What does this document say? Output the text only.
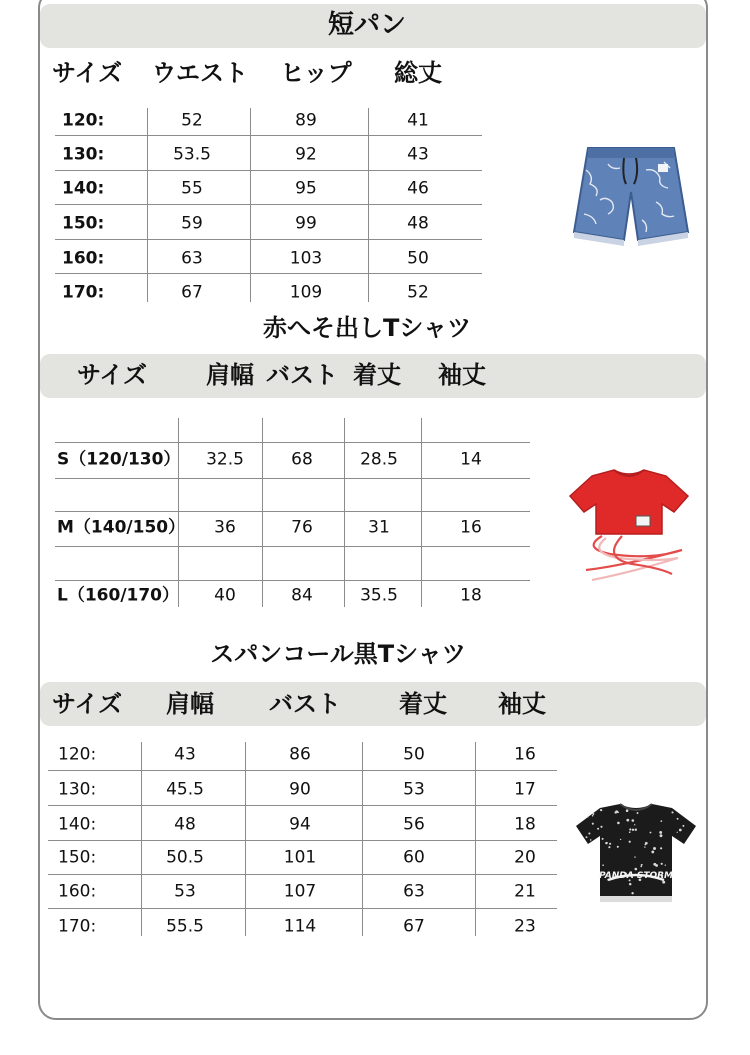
短パン
サイズ ウエスト ヒップ 総丈
120:	52	89	41
130:	53.5	92	43
140:	55	95	46
150:	59	99	48
160:	63	103	50
170:	67	109	52
赤へそ出しTシャツ
サイズ 肩幅 バスト 着丈 袖丈
S（120/130） 32.5	68	28.5	14
M（140/150） 36	76	31	16
L（160/170） 40	84	35.5	18
スパンコール黒Tシャツ
サイズ 肩幅 バスト 着丈 袖丈
120:	43	86	50	16
130:	45.5	90	53	17
140:	48	94	56	18
150:	50.5	101	60	20
160:	53	107	63	21
170:	55.5	114	67	23
PANDA STORM
